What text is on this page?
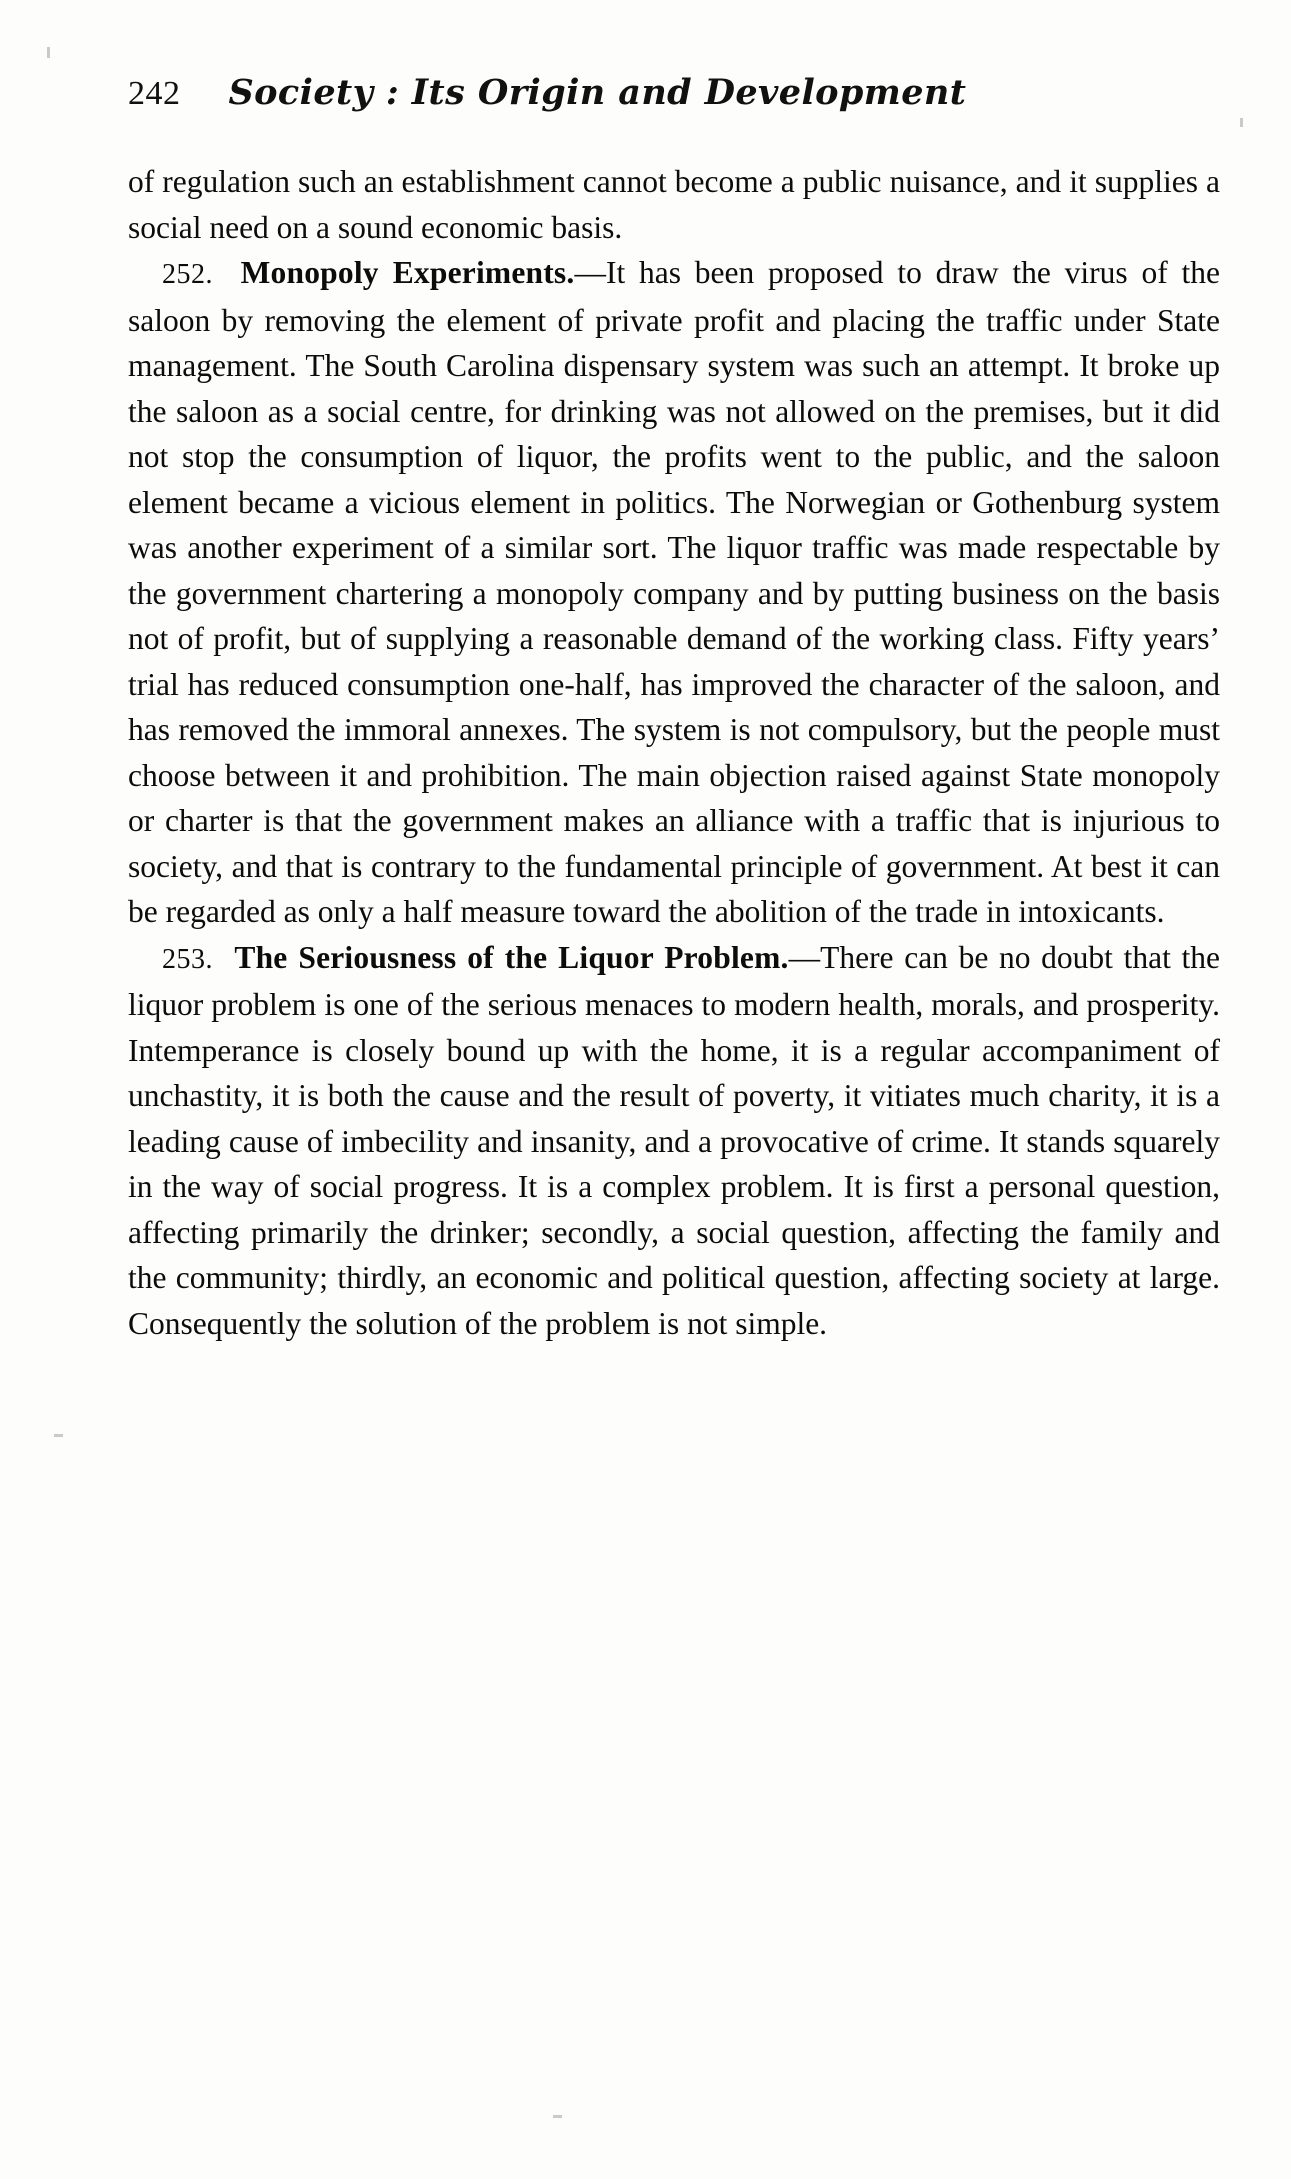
242 Society : Its Origin and Development

of regulation such an establishment cannot become a public nuisance, and it supplies a social need on a sound economic basis.

252. Monopoly Experiments.—It has been proposed to draw the virus of the saloon by removing the element of private profit and placing the traffic under State management. The South Carolina dispensary system was such an attempt. It broke up the saloon as a social centre, for drinking was not allowed on the premises, but it did not stop the consumption of liquor, the profits went to the public, and the saloon element became a vicious element in politics. The Norwegian or Gothenburg system was another experiment of a similar sort. The liquor traffic was made respectable by the government chartering a monopoly company and by putting business on the basis not of profit, but of supplying a reasonable demand of the working class. Fifty years’ trial has reduced consumption one-half, has improved the character of the saloon, and has removed the immoral annexes. The system is not compulsory, but the people must choose between it and prohibition. The main objection raised against State monopoly or charter is that the government makes an alliance with a traffic that is injurious to society, and that is contrary to the fundamental principle of government. At best it can be regarded as only a half measure toward the abolition of the trade in intoxicants.

253. The Seriousness of the Liquor Problem.—There can be no doubt that the liquor problem is one of the serious menaces to modern health, morals, and prosperity. Intemperance is closely bound up with the home, it is a regular accompaniment of unchastity, it is both the cause and the result of poverty, it vitiates much charity, it is a leading cause of imbecility and insanity, and a provocative of crime. It stands squarely in the way of social progress. It is a complex problem. It is first a personal question, affecting primarily the drinker; secondly, a social question, affecting the family and the community; thirdly, an economic and political question, affecting society at large. Consequently the solution of the problem is not simple.
